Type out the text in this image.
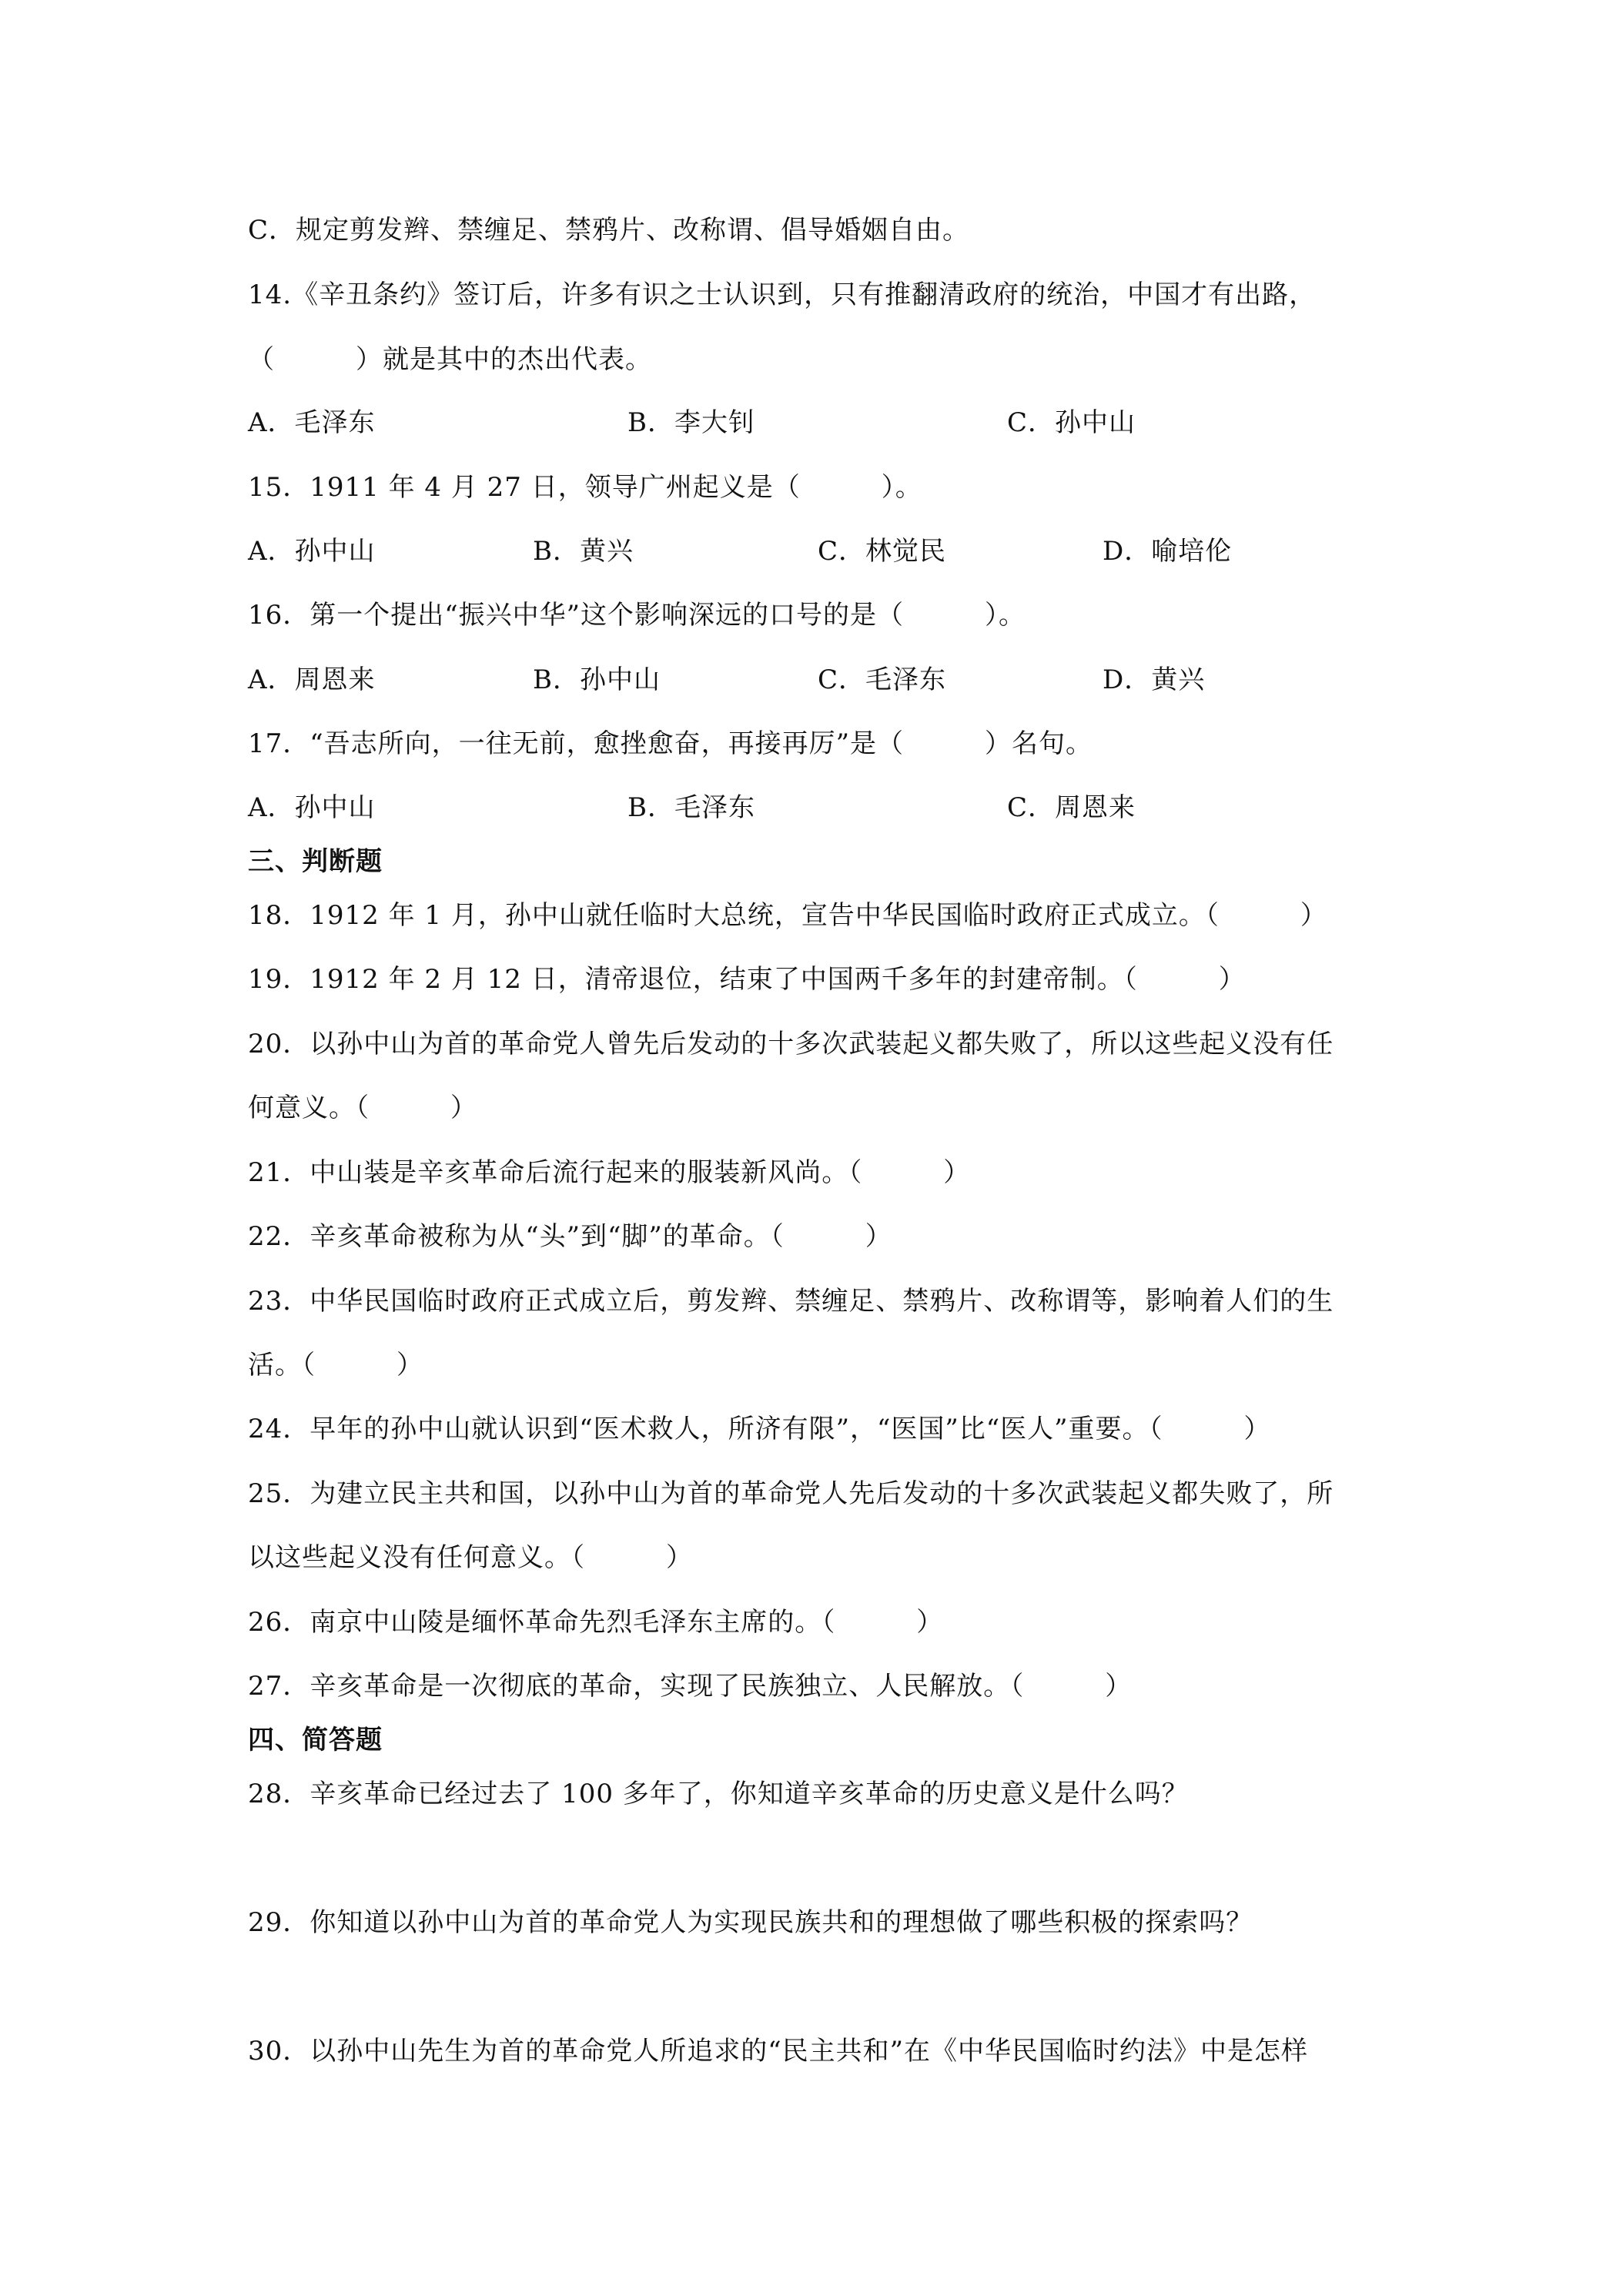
C．规定剪发辫、禁缠足、禁鸦片、改称谓、倡导婚姻自由。
14.《辛丑条约》签订后，许多有识之士认识到，只有推翻清政府的统治，中国才有出路，
（　　　）就是其中的杰出代表。
A．毛泽东	B．李大钊	C．孙中山
15．1911 年 4 月 27 日，领导广州起义是（　　　）。
A．孙中山	B．黄兴	C．林觉民	D．喻培伦
16．第一个提出“振兴中华”这个影响深远的口号的是（　　　）。
A．周恩来	B．孙中山	C．毛泽东	D．黄兴
17．“吾志所向，一往无前，愈挫愈奋，再接再厉”是（　　　）名句。
A．孙中山	B．毛泽东	C．周恩来
三、判断题
18．1912 年 1 月，孙中山就任临时大总统，宣告中华民国临时政府正式成立。（　　　）
19．1912 年 2 月 12 日，清帝退位，结束了中国两千多年的封建帝制。（　　　）
20．以孙中山为首的革命党人曾先后发动的十多次武装起义都失败了，所以这些起义没有任
何意义。（　　　）
21．中山装是辛亥革命后流行起来的服装新风尚。（　　　）
22．辛亥革命被称为从“头”到“脚”的革命。（　　　）
23．中华民国临时政府正式成立后，剪发辫、禁缠足、禁鸦片、改称谓等，影响着人们的生
活。（　　　）
24．早年的孙中山就认识到“医术救人，所济有限”，“医国”比“医人”重要。（　　　）
25．为建立民主共和国，以孙中山为首的革命党人先后发动的十多次武装起义都失败了，所
以这些起义没有任何意义。（　　　）
26．南京中山陵是缅怀革命先烈毛泽东主席的。（　　　）
27．辛亥革命是一次彻底的革命，实现了民族独立、人民解放。（　　　）
四、简答题
28．辛亥革命已经过去了 100 多年了，你知道辛亥革命的历史意义是什么吗？
29．你知道以孙中山为首的革命党人为实现民族共和的理想做了哪些积极的探索吗？
30．以孙中山先生为首的革命党人所追求的“民主共和”在《中华民国临时约法》中是怎样
